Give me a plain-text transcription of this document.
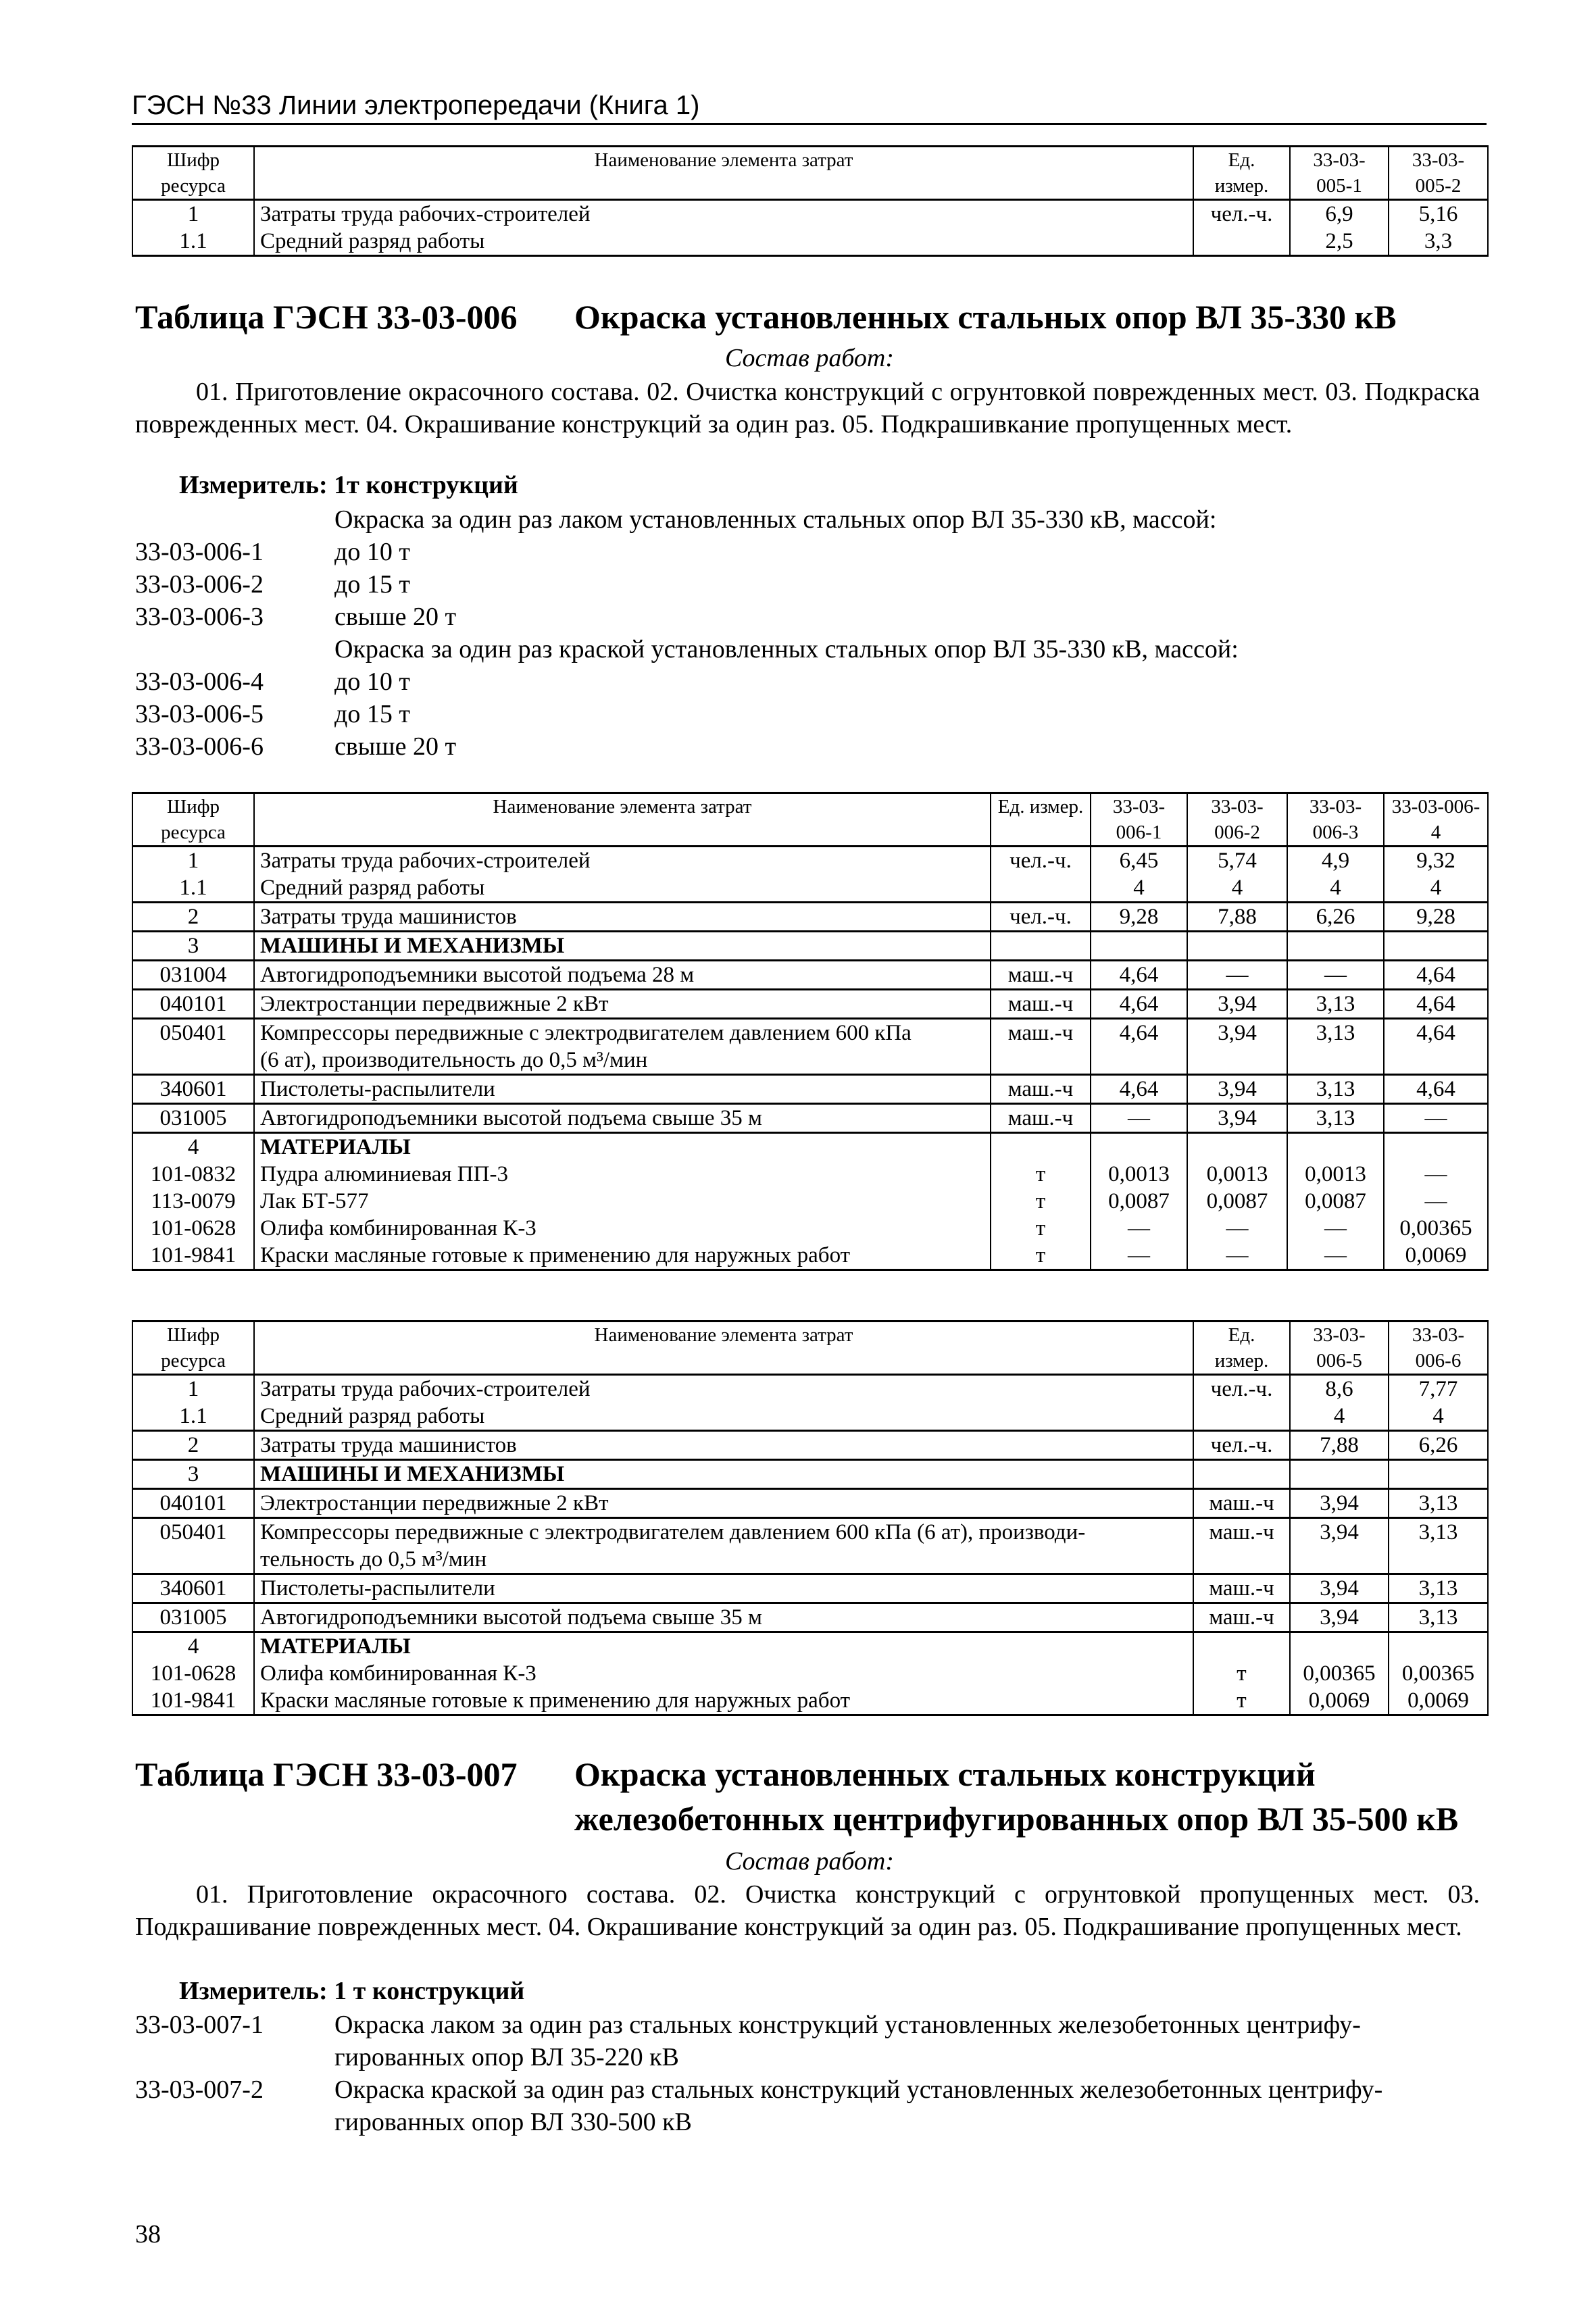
ГЭСН №33 Линии электропередачи (Книга 1)
Шифр ресурса	Наименование элемента затрат	Ед. измер.	33-03-005-1	33-03-005-2
1	Затраты труда рабочих-строителей	чел.-ч.	6,9	5,16
1.1	Средний разряд работы		2,5	3,3
Таблица ГЭСН 33-03-006 Окраска установленных стальных опор ВЛ 35-330 кВ
Состав работ:
01. Приготовление окрасочного состава. 02. Очистка конструкций с огрунтовкой поврежденных мест. 03. Подкраска поврежденных мест. 04. Окрашивание конструкций за один раз. 05. Подкрашивкание пропущенных мест.
Измеритель: 1т конструкций
Окраска за один раз лаком установленных стальных опор ВЛ 35-330 кВ, массой:
33-03-006-1	до 10 т
33-03-006-2	до 15 т
33-03-006-3	свыше 20 т
Окраска за один раз краской установленных стальных опор ВЛ 35-330 кВ, массой:
33-03-006-4	до 10 т
33-03-006-5	до 15 т
33-03-006-6	свыше 20 т
Шифр ресурса	Наименование элемента затрат	Ед. измер.	33-03-006-1	33-03-006-2	33-03-006-3	33-03-006-4
1	Затраты труда рабочих-строителей	чел.-ч.	6,45	5,74	4,9	9,32
1.1	Средний разряд работы		4	4	4	4
2	Затраты труда машинистов	чел.-ч.	9,28	7,88	6,26	9,28
3	МАШИНЫ И МЕХАНИЗМЫ					
031004	Автогидроподъемники высотой подъема 28 м	маш.-ч	4,64	—	—	4,64
040101	Электростанции передвижные 2 кВт	маш.-ч	4,64	3,94	3,13	4,64
050401	Компрессоры передвижные с электродвигателем давлением 600 кПа	маш.-ч	4,64	3,94	3,13	4,64
	(6 ат), производительность до 0,5 м³/мин					
340601	Пистолеты-распылители	маш.-ч	4,64	3,94	3,13	4,64
031005	Автогидроподъемники высотой подъема свыше 35 м	маш.-ч	—	3,94	3,13	—
4	МАТЕРИАЛЫ					
101-0832	Пудра алюминиевая ПП-3	т	0,0013	0,0013	0,0013	—
113-0079	Лак БТ-577	т	0,0087	0,0087	0,0087	—
101-0628	Олифа комбинированная К-3	т	—	—	—	0,00365
101-9841	Краски масляные готовые к применению для наружных работ	т	—	—	—	0,0069
Шифр ресурса	Наименование элемента затрат	Ед. измер.	33-03-006-5	33-03-006-6
1	Затраты труда рабочих-строителей	чел.-ч.	8,6	7,77
1.1	Средний разряд работы		4	4
2	Затраты труда машинистов	чел.-ч.	7,88	6,26
3	МАШИНЫ И МЕХАНИЗМЫ			
040101	Электростанции передвижные 2 кВт	маш.-ч	3,94	3,13
050401	Компрессоры передвижные с электродвигателем давлением 600 кПа (6 ат), производи-	маш.-ч	3,94	3,13
	тельность до 0,5 м³/мин			
340601	Пистолеты-распылители	маш.-ч	3,94	3,13
031005	Автогидроподъемники высотой подъема свыше 35 м	маш.-ч	3,94	3,13
4	МАТЕРИАЛЫ			
101-0628	Олифа комбинированная К-3	т	0,00365	0,00365
101-9841	Краски масляные готовые к применению для наружных работ	т	0,0069	0,0069
Таблица ГЭСН 33-03-007 Окраска установленных стальных конструкций
железобетонных центрифугированных опор ВЛ 35-500 кВ
Состав работ:
01. Приготовление окрасочного состава. 02. Очистка конструкций с огрунтовкой пропущенных мест. 03. Подкрашивание поврежденных мест. 04. Окрашивание конструкций за один раз. 05. Подкрашивание пропущенных мест.
Измеритель: 1 т конструкций
33-03-007-1	Окраска лаком за один раз стальных конструкций установленных железобетонных центрифу-
гированных опор ВЛ 35-220 кВ
33-03-007-2	Окраска краской за один раз стальных конструкций установленных железобетонных центрифу-
гированных опор ВЛ 330-500 кВ
38
